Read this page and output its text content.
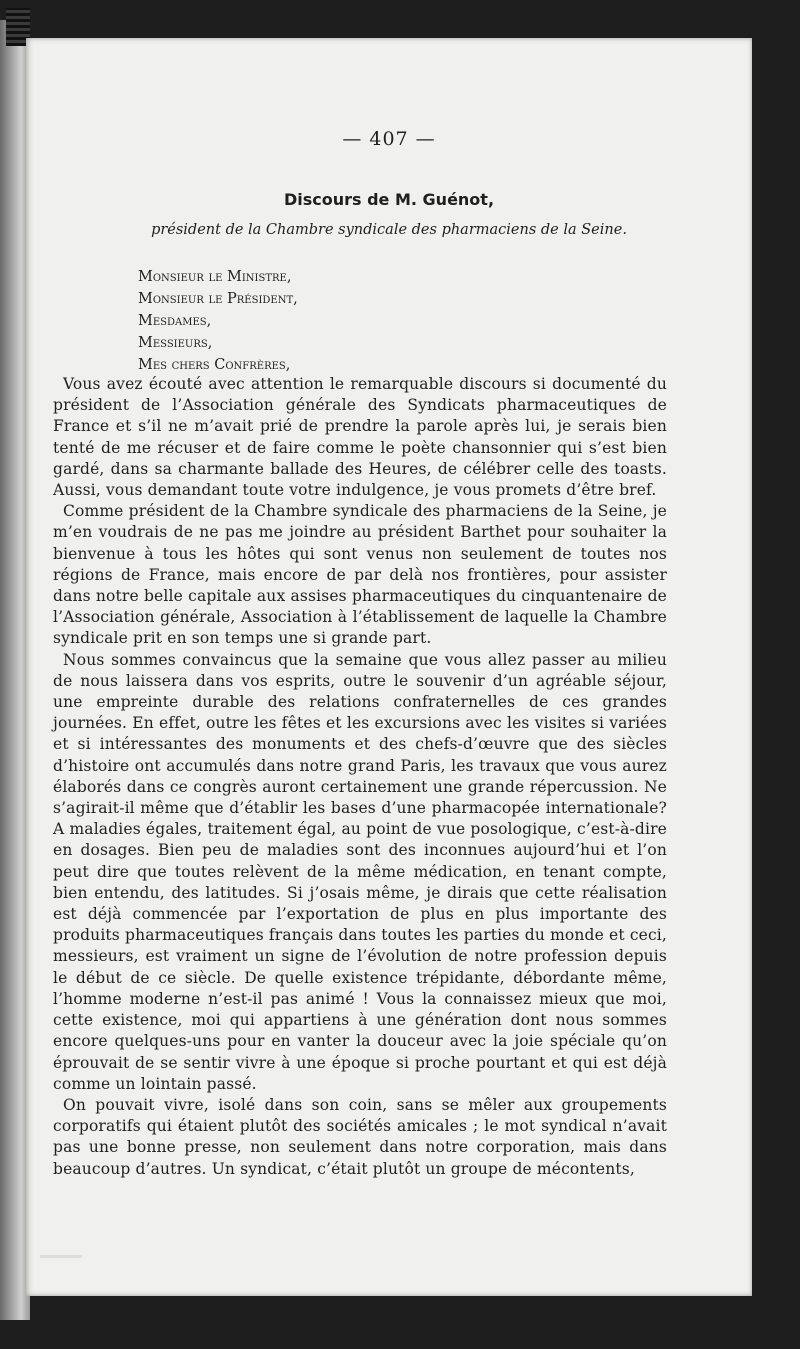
— 407 —
Discours de M. Guénot,
président de la Chambre syndicale des pharmaciens de la Seine.
Monsieur le Ministre,
Monsieur le Président,
Mesdames,
Messieurs,
Mes chers Confrères,

Vous avez écouté avec attention le remarquable discours si documenté du président de l’Association générale des Syndicats pharmaceutiques de France et s’il ne m’avait prié de prendre la parole après lui, je serais bien tenté de me récuser et de faire comme le poète chansonnier qui s’est bien gardé, dans sa charmante ballade des Heures, de célébrer celle des toasts. Aussi, vous demandant toute votre indulgence, je vous promets d’être bref.

Comme président de la Chambre syndicale des pharmaciens de la Seine, je m’en voudrais de ne pas me joindre au président Barthet pour souhaiter la bienvenue à tous les hôtes qui sont venus non seulement de toutes nos régions de France, mais encore de par delà nos frontières, pour assister dans notre belle capitale aux assises pharmaceutiques du cinquantenaire de l’Association générale, Association à l’établissement de laquelle la Chambre syndicale prit en son temps une si grande part.

Nous sommes convaincus que la semaine que vous allez passer au milieu de nous laissera dans vos esprits, outre le souvenir d’un agréable séjour, une empreinte durable des relations confraternelles de ces grandes journées. En effet, outre les fêtes et les excursions avec les visites si variées et si intéressantes des monuments et des chefs-d’œuvre que des siècles d’histoire ont accumulés dans notre grand Paris, les travaux que vous aurez élaborés dans ce congrès auront certainement une grande répercussion. Ne s’agirait-il même que d’établir les bases d’une pharmacopée internationale? A maladies égales, traitement égal, au point de vue posologique, c’est-à-dire en dosages. Bien peu de maladies sont des inconnues aujourd’hui et l’on peut dire que toutes relèvent de la même médication, en tenant compte, bien entendu, des latitudes. Si j’osais même, je dirais que cette réalisation est déjà commencée par l’exportation de plus en plus importante des produits pharmaceutiques français dans toutes les parties du monde et ceci, messieurs, est vraiment un signe de l’évolution de notre profession depuis le début de ce siècle. De quelle existence trépidante, débordante même, l’homme moderne n’est-il pas animé ! Vous la connaissez mieux que moi, cette existence, moi qui appartiens à une génération dont nous sommes encore quelques-uns pour en vanter la douceur avec la joie spéciale qu’on éprouvait de se sentir vivre à une époque si proche pourtant et qui est déjà comme un lointain passé.

On pouvait vivre, isolé dans son coin, sans se mêler aux groupements corporatifs qui étaient plutôt des sociétés amicales ; le mot syndical n’avait pas une bonne presse, non seulement dans notre corporation, mais dans beaucoup d’autres. Un syndicat, c’était plutôt un groupe de mécontents,
